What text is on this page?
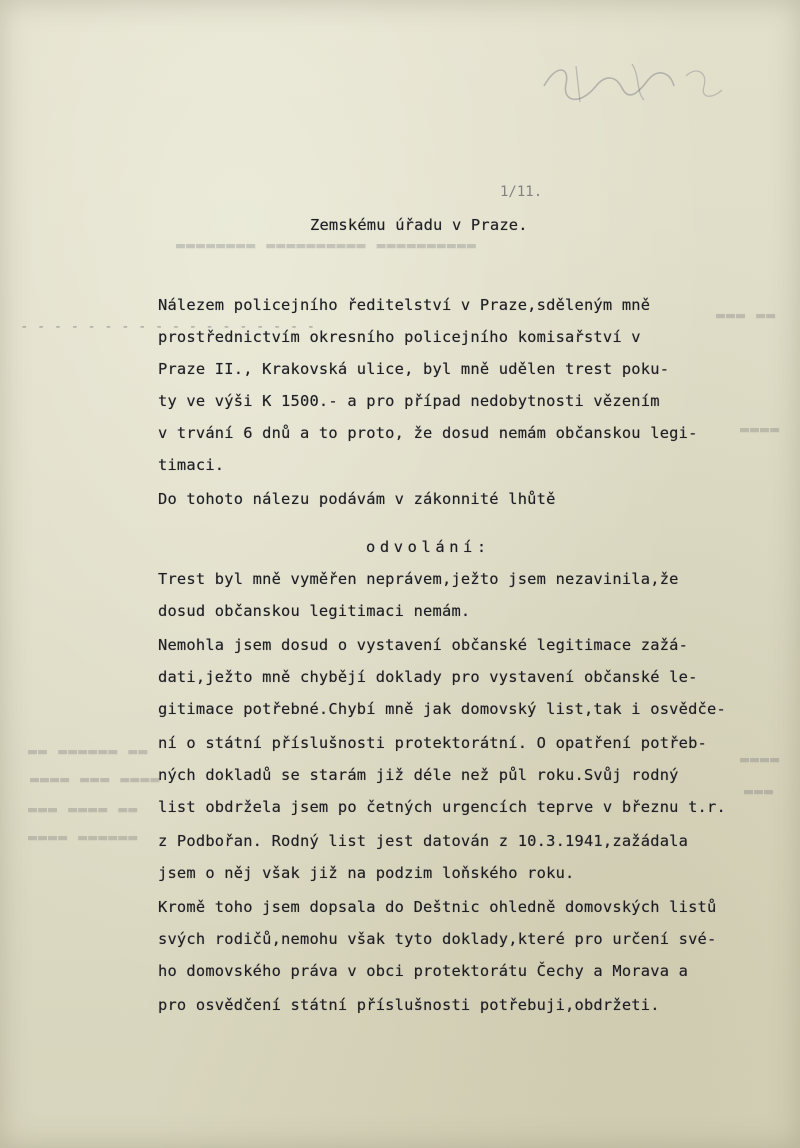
▬▬ ▬▬▬▬▬▬ ▬▬
▬▬▬▬ ▬▬▬ ▬▬▬▬
▬▬▬ ▬▬▬▬ ▬▬
▬▬▬▬ ▬▬▬▬▬▬
▬▬▬ ▬▬
▬▬▬▬
▬▬▬▬
▬▬▬
▬▬▬▬▬▬▬▬ ▬▬▬▬▬▬▬▬▬▬ ▬▬▬▬▬▬▬▬▬▬
- - - - - - - - - - - - - - - - - -
1/11.
Zemskému úřadu v Praze.
Nálezem policejního ředitelství v Praze,sděleným mně
prostřednictvím okresního policejního komisařství v
Praze II., Krakovská ulice, byl mně udělen trest poku-
ty ve výši K 1500.- a pro případ nedobytnosti vězením
v trvání 6 dnů a to proto, že dosud nemám občanskou legi-
timaci.
Do tohoto nálezu podávám v zákonnité lhůtě
odvolání:
Trest byl mně vyměřen neprávem,ježto jsem nezavinila,že
dosud občanskou legitimaci nemám.
Nemohla jsem dosud o vystavení občanské legitimace zažá-
dati,ježto mně chybějí doklady pro vystavení občanské le-
gitimace potřebné.Chybí mně jak domovský list,tak i osvědče-
ní o státní příslušnosti protektorátní. O opatření potřeb-
ných dokladů se starám již déle než půl roku.Svůj rodný
list obdržela jsem po četných urgencích teprve v březnu t.r.
z Podbořan. Rodný list jest datován z 10.3.1941,zažádala
jsem o něj však již na podzim loňského roku.
Kromě toho jsem dopsala do Deštnic ohledně domovských listů
svých rodičů,nemohu však tyto doklady,které pro určení své-
ho domovského práva v obci protektorátu Čechy a Morava a
pro osvědčení státní příslušnosti potřebuji,obdržeti.
